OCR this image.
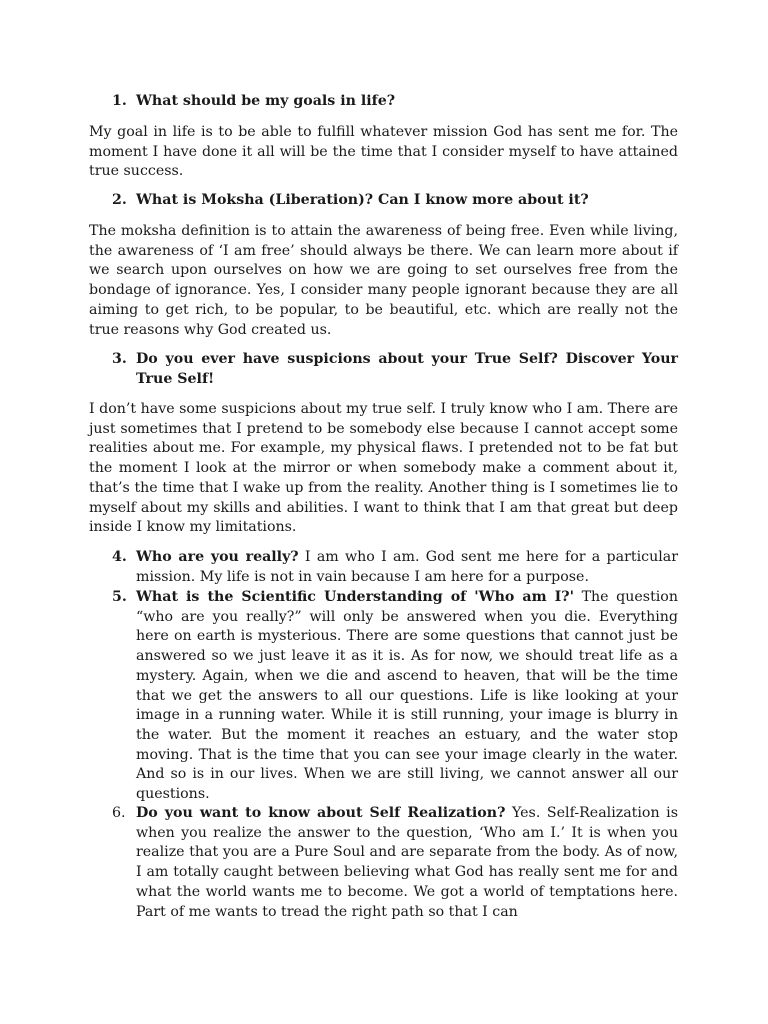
1. What should be my goals in life?

My goal in life is to be able to fulfill whatever mission God has sent me for. The moment I have done it all will be the time that I consider myself to have attained true success.

2. What is Moksha (Liberation)? Can I know more about it?

The moksha definition is to attain the awareness of being free. Even while living, the awareness of ‘I am free’ should always be there. We can learn more about if we search upon ourselves on how we are going to set ourselves free from the bondage of ignorance. Yes, I consider many people ignorant because they are all aiming to get rich, to be popular, to be beautiful, etc. which are really not the true reasons why God created us.

3. Do you ever have suspicions about your True Self? Discover Your True Self!

I don’t have some suspicions about my true self. I truly know who I am. There are just sometimes that I pretend to be somebody else because I cannot accept some realities about me. For example, my physical flaws. I pretended not to be fat but the moment I look at the mirror or when somebody make a comment about it, that’s the time that I wake up from the reality. Another thing is I sometimes lie to myself about my skills and abilities. I want to think that I am that great but deep inside I know my limitations.

4. Who are you really? I am who I am. God sent me here for a particular mission. My life is not in vain because I am here for a purpose.
5. What is the Scientific Understanding of 'Who am I?' The question “who are you really?” will only be answered when you die. Everything here on earth is mysterious. There are some questions that cannot just be answered so we just leave it as it is. As for now, we should treat life as a mystery. Again, when we die and ascend to heaven, that will be the time that we get the answers to all our questions. Life is like looking at your image in a running water. While it is still running, your image is blurry in the water. But the moment it reaches an estuary, and the water stop moving. That is the time that you can see your image clearly in the water. And so is in our lives. When we are still living, we cannot answer all our questions.
6. Do you want to know about Self Realization? Yes. Self-Realization is when you realize the answer to the question, ‘Who am I.’ It is when you realize that you are a Pure Soul and are separate from the body. As of now, I am totally caught between believing what God has really sent me for and what the world wants me to become. We got a world of temptations here. Part of me wants to tread the right path so that I can
